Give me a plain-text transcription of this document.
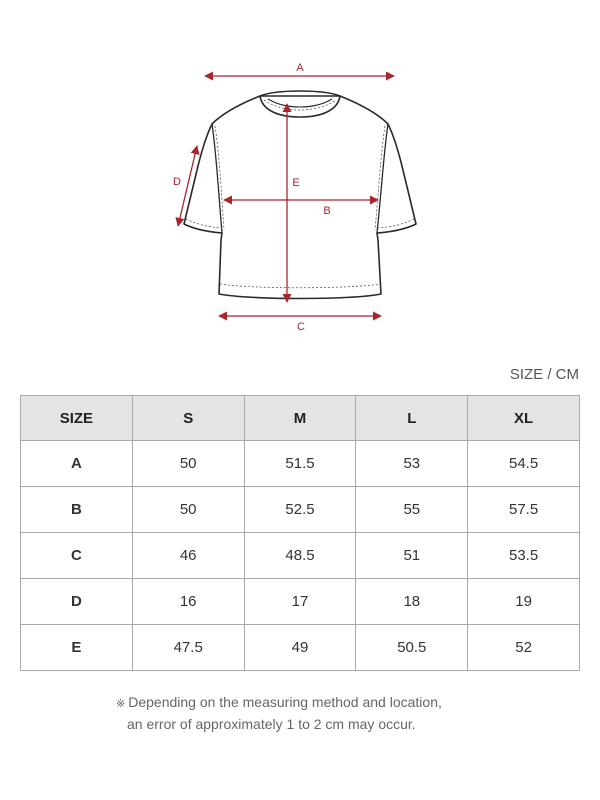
A
B
C
D	E
SIZE / CM
SIZE	S	M	L	XL
A	50	51.5	53	54.5
B	50	52.5	55	57.5
C	46	48.5	51	53.5
D	16	17	18	19
E	47.5	49	50.5	52
※ Depending on the measuring method and location,
an error of approximately 1 to 2 cm may occur.
